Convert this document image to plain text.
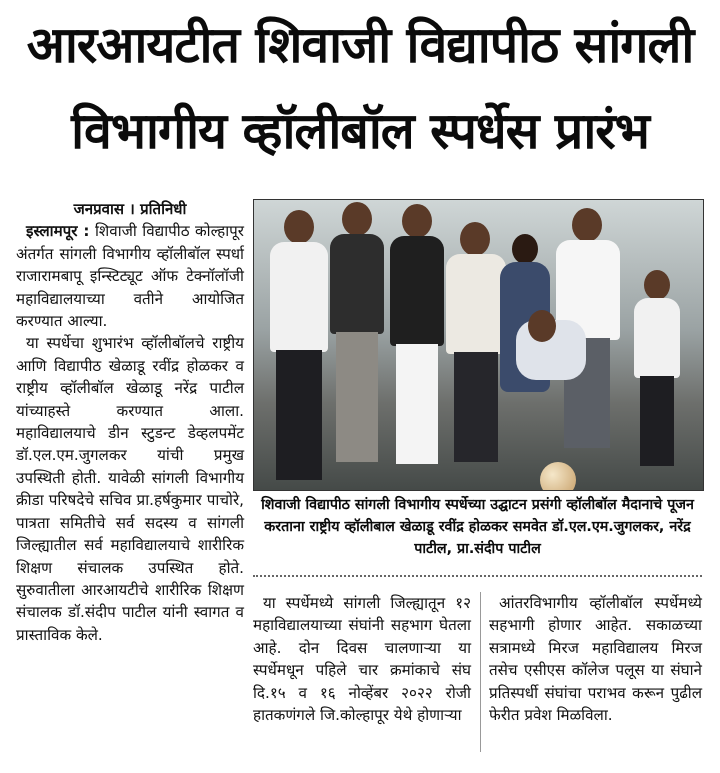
आरआयटीत शिवाजी विद्यापीठ सांगली
विभागीय व्हॉलीबॉल स्पर्धेस प्रारंभ

जनप्रवास । प्रतिनिधी

इस्लामपूर : शिवाजी विद्यापीठ कोल्हापूर अंतर्गत सांगली विभागीय व्हॉलीबॉल स्पर्धा राजारामबापू इन्स्टिट्यूट ऑफ टेक्नॉलॉजी महाविद्यालयाच्या वतीने आयोजित करण्यात आल्या.

या स्पर्धेचा शुभारंभ व्हॉलीबॉलचे राष्ट्रीय आणि विद्यापीठ खेळाडू रवींद्र होळकर व राष्ट्रीय व्हॉलीबॉल खेळाडू नरेंद्र पाटील यांच्याहस्ते करण्यात आला. महाविद्यालयाचे डीन स्टुडन्ट डेव्हलपमेंट डॉ.एल.एम.जुगलकर यांची प्रमुख उपस्थिती होती. यावेळी सांगली विभागीय क्रीडा परिषदेचे सचिव प्रा.हर्षकुमार पाचोरे, पात्रता समितीचे सर्व सदस्य व सांगली जिल्ह्यातील सर्व महाविद्यालयाचे शारीरिक शिक्षण संचालक उपस्थित होते. सुरुवातीला आरआयटीचे शारीरिक शिक्षण संचालक डॉ.संदीप पाटील यांनी स्वागत व प्रास्ताविक केले.

शिवाजी विद्यापीठ सांगली विभागीय स्पर्धेच्या उद्घाटन प्रसंगी व्हॉलीबॉल मैदानाचे पूजन करताना राष्ट्रीय व्हॉलीबाल खेळाडू रवींद्र होळकर समवेत डॉ.एल.एम.जुगलकर, नरेंद्र पाटील, प्रा.संदीप पाटील

या स्पर्धेमध्ये सांगली जिल्ह्यातून १२ महाविद्यालयाच्या संघांनी सहभाग घेतला आहे. दोन दिवस चालणाऱ्या या स्पर्धेमधून पहिले चार क्रमांकाचे संघ दि.१५ व १६ नोव्हेंबर २०२२ रोजी हातकणंगले जि.कोल्हापूर येथे होणाऱ्या

आंतरविभागीय व्हॉलीबॉल स्पर्धेमध्ये सहभागी होणार आहेत. सकाळच्या सत्रामध्ये मिरज महाविद्यालय मिरज तसेच एसीएस कॉलेज पलूस या संघाने प्रतिस्पर्धी संघांचा पराभव करून पुढील फेरीत प्रवेश मिळविला.
